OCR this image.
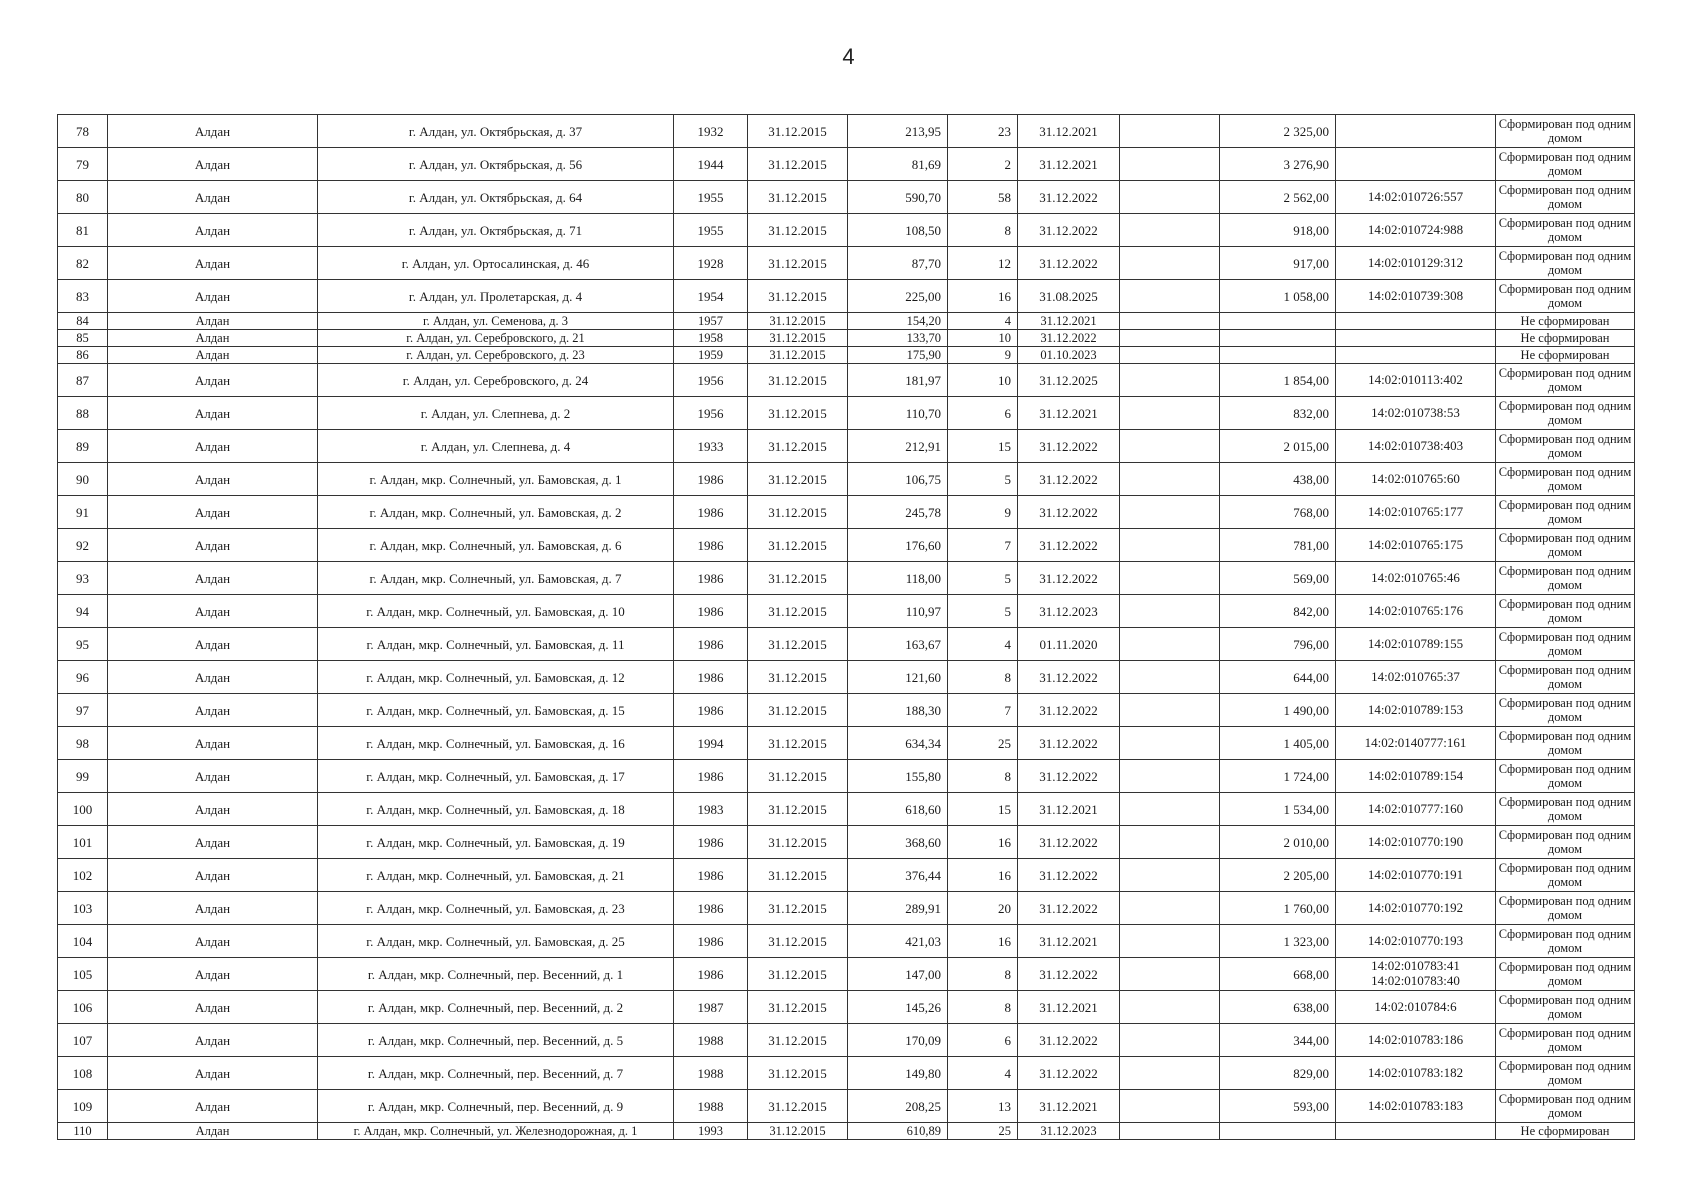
4
78	Алдан	г. Алдан, ул. Октябрьская, д. 37	1932	31.12.2015	213,95	23	31.12.2021		2 325,00		Сформирован под одним домом
79	Алдан	г. Алдан, ул. Октябрьская, д. 56	1944	31.12.2015	81,69	2	31.12.2021		3 276,90		Сформирован под одним домом
80	Алдан	г. Алдан, ул. Октябрьская, д. 64	1955	31.12.2015	590,70	58	31.12.2022		2 562,00	14:02:010726:557	Сформирован под одним домом
81	Алдан	г. Алдан, ул. Октябрьская, д. 71	1955	31.12.2015	108,50	8	31.12.2022		918,00	14:02:010724:988	Сформирован под одним домом
82	Алдан	г. Алдан, ул. Ортосалинская, д. 46	1928	31.12.2015	87,70	12	31.12.2022		917,00	14:02:010129:312	Сформирован под одним домом
83	Алдан	г. Алдан, ул. Пролетарская, д. 4	1954	31.12.2015	225,00	16	31.08.2025		1 058,00	14:02:010739:308	Сформирован под одним домом
84	Алдан	г. Алдан, ул. Семенова, д. 3	1957	31.12.2015	154,20	4	31.12.2021				Не сформирован
85	Алдан	г. Алдан, ул. Серебровского, д. 21	1958	31.12.2015	133,70	10	31.12.2022				Не сформирован
86	Алдан	г. Алдан, ул. Серебровского, д. 23	1959	31.12.2015	175,90	9	01.10.2023				Не сформирован
87	Алдан	г. Алдан, ул. Серебровского, д. 24	1956	31.12.2015	181,97	10	31.12.2025		1 854,00	14:02:010113:402	Сформирован под одним домом
88	Алдан	г. Алдан, ул. Слепнева, д. 2	1956	31.12.2015	110,70	6	31.12.2021		832,00	14:02:010738:53	Сформирован под одним домом
89	Алдан	г. Алдан, ул. Слепнева, д. 4	1933	31.12.2015	212,91	15	31.12.2022		2 015,00	14:02:010738:403	Сформирован под одним домом
90	Алдан	г. Алдан, мкр. Солнечный, ул. Бамовская, д. 1	1986	31.12.2015	106,75	5	31.12.2022		438,00	14:02:010765:60	Сформирован под одним домом
91	Алдан	г. Алдан, мкр. Солнечный, ул. Бамовская, д. 2	1986	31.12.2015	245,78	9	31.12.2022		768,00	14:02:010765:177	Сформирован под одним домом
92	Алдан	г. Алдан, мкр. Солнечный, ул. Бамовская, д. 6	1986	31.12.2015	176,60	7	31.12.2022		781,00	14:02:010765:175	Сформирован под одним домом
93	Алдан	г. Алдан, мкр. Солнечный, ул. Бамовская, д. 7	1986	31.12.2015	118,00	5	31.12.2022		569,00	14:02:010765:46	Сформирован под одним домом
94	Алдан	г. Алдан, мкр. Солнечный, ул. Бамовская, д. 10	1986	31.12.2015	110,97	5	31.12.2023		842,00	14:02:010765:176	Сформирован под одним домом
95	Алдан	г. Алдан, мкр. Солнечный, ул. Бамовская, д. 11	1986	31.12.2015	163,67	4	01.11.2020		796,00	14:02:010789:155	Сформирован под одним домом
96	Алдан	г. Алдан, мкр. Солнечный, ул. Бамовская, д. 12	1986	31.12.2015	121,60	8	31.12.2022		644,00	14:02:010765:37	Сформирован под одним домом
97	Алдан	г. Алдан, мкр. Солнечный, ул. Бамовская, д. 15	1986	31.12.2015	188,30	7	31.12.2022		1 490,00	14:02:010789:153	Сформирован под одним домом
98	Алдан	г. Алдан, мкр. Солнечный, ул. Бамовская, д. 16	1994	31.12.2015	634,34	25	31.12.2022		1 405,00	14:02:0140777:161	Сформирован под одним домом
99	Алдан	г. Алдан, мкр. Солнечный, ул. Бамовская, д. 17	1986	31.12.2015	155,80	8	31.12.2022		1 724,00	14:02:010789:154	Сформирован под одним домом
100	Алдан	г. Алдан, мкр. Солнечный, ул. Бамовская, д. 18	1983	31.12.2015	618,60	15	31.12.2021		1 534,00	14:02:010777:160	Сформирован под одним домом
101	Алдан	г. Алдан, мкр. Солнечный, ул. Бамовская, д. 19	1986	31.12.2015	368,60	16	31.12.2022		2 010,00	14:02:010770:190	Сформирован под одним домом
102	Алдан	г. Алдан, мкр. Солнечный, ул. Бамовская, д. 21	1986	31.12.2015	376,44	16	31.12.2022		2 205,00	14:02:010770:191	Сформирован под одним домом
103	Алдан	г. Алдан, мкр. Солнечный, ул. Бамовская, д. 23	1986	31.12.2015	289,91	20	31.12.2022		1 760,00	14:02:010770:192	Сформирован под одним домом
104	Алдан	г. Алдан, мкр. Солнечный, ул. Бамовская, д. 25	1986	31.12.2015	421,03	16	31.12.2021		1 323,00	14:02:010770:193	Сформирован под одним домом
105	Алдан	г. Алдан, мкр. Солнечный, пер. Весенний, д. 1	1986	31.12.2015	147,00	8	31.12.2022		668,00	14:02:010783:41 14:02:010783:40	Сформирован под одним домом
106	Алдан	г. Алдан, мкр. Солнечный, пер. Весенний, д. 2	1987	31.12.2015	145,26	8	31.12.2021		638,00	14:02:010784:6	Сформирован под одним домом
107	Алдан	г. Алдан, мкр. Солнечный, пер. Весенний, д. 5	1988	31.12.2015	170,09	6	31.12.2022		344,00	14:02:010783:186	Сформирован под одним домом
108	Алдан	г. Алдан, мкр. Солнечный, пер. Весенний, д. 7	1988	31.12.2015	149,80	4	31.12.2022		829,00	14:02:010783:182	Сформирован под одним домом
109	Алдан	г. Алдан, мкр. Солнечный, пер. Весенний, д. 9	1988	31.12.2015	208,25	13	31.12.2021		593,00	14:02:010783:183	Сформирован под одним домом
110	Алдан	г. Алдан, мкр. Солнечный, ул. Железнодорожная, д. 1	1993	31.12.2015	610,89	25	31.12.2023				Не сформирован
